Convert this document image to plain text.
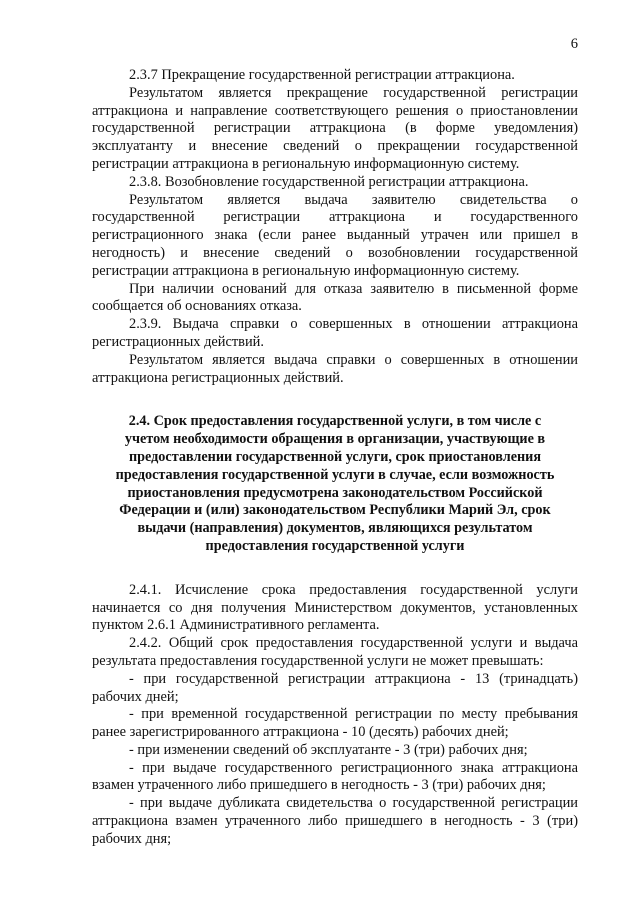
6

2.3.7 Прекращение государственной регистрации аттракциона.

Результатом является прекращение государственной регистрации аттракциона и направление соответствующего решения о приостановлении государственной регистрации аттракциона (в форме уведомления) эксплуатанту и внесение сведений о прекращении государственной регистрации аттракциона в региональную информационную систему.

2.3.8. Возобновление государственной регистрации аттракциона.

Результатом является выдача заявителю свидетельства о государственной регистрации аттракциона и государственного регистрационного знака (если ранее выданный утрачен или пришел в негодность) и внесение сведений о возобновлении государственной регистрации аттракциона в региональную информационную систему.

При наличии оснований для отказа заявителю в письменной форме сообщается об основаниях отказа.

2.3.9. Выдача справки о совершенных в отношении аттракциона регистрационных действий.

Результатом является выдача справки о совершенных в отношении аттракциона регистрационных действий.

2.4. Срок предоставления государственной услуги, в том числе с учетом необходимости обращения в организации, участвующие в предоставлении государственной услуги, срок приостановления предоставления государственной услуги в случае, если возможность приостановления предусмотрена законодательством Российской Федерации и (или) законодательством Республики Марий Эл, срок выдачи (направления) документов, являющихся результатом предоставления государственной услуги

2.4.1. Исчисление срока предоставления государственной услуги начинается со дня получения Министерством документов, установленных пунктом 2.6.1 Административного регламента.

2.4.2. Общий срок предоставления государственной услуги и выдача результата предоставления государственной услуги не может превышать:

- при государственной регистрации аттракциона - 13 (тринадцать) рабочих дней;

- при временной государственной регистрации по месту пребывания ранее зарегистрированного аттракциона - 10 (десять) рабочих дней;

- при изменении сведений об эксплуатанте - 3 (три) рабочих дня;

- при выдаче государственного регистрационного знака аттракциона взамен утраченного либо пришедшего в негодность - 3 (три) рабочих дня;

- при выдаче дубликата свидетельства о государственной регистрации аттракциона взамен утраченного либо пришедшего в негодность - 3 (три) рабочих дня;
